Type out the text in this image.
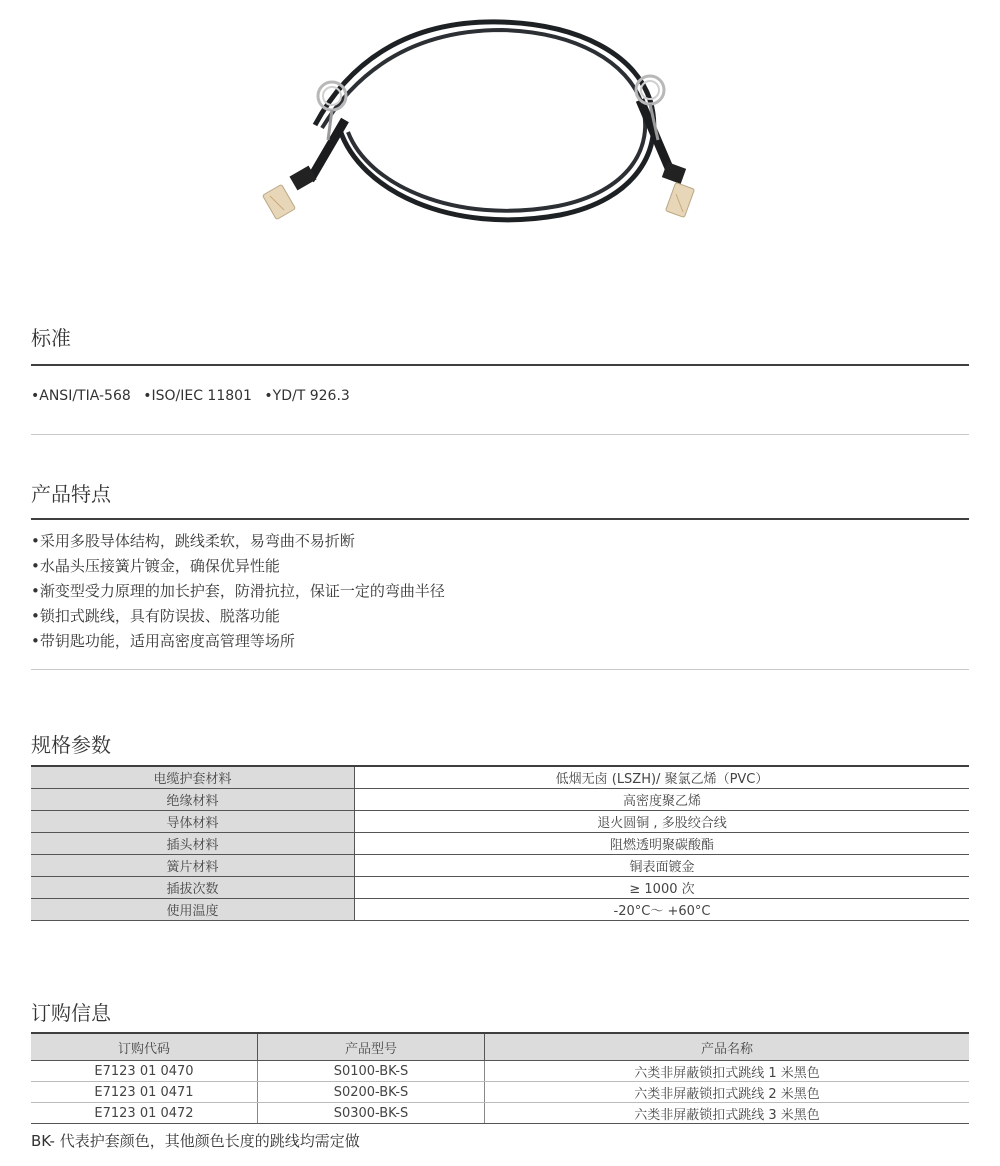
标准
•ANSI/TIA-568 •ISO/IEC 11801 •YD/T 926.3
产品特点
•采用多股导体结构，跳线柔软，易弯曲不易折断
•水晶头压接簧片镀金，确保优异性能
•渐变型受力原理的加长护套，防滑抗拉，保证一定的弯曲半径
•锁扣式跳线，具有防误拔、脱落功能
•带钥匙功能，适用高密度高管理等场所
规格参数
电缆护套材料	低烟无卤 (LSZH)/ 聚氯乙烯（PVC）
绝缘材料	高密度聚乙烯
导体材料	退火圆铜 , 多股绞合线
插头材料	阻燃透明聚碳酸酯
簧片材料	铜表面镀金
插拔次数	≥ 1000 次
使用温度	-20°C～ +60°C
订购信息
订购代码	产品型号	产品名称
E7123 01 0470	S0100-BK-S	六类非屏蔽锁扣式跳线 1 米黑色
E7123 01 0471	S0200-BK-S	六类非屏蔽锁扣式跳线 2 米黑色
E7123 01 0472	S0300-BK-S	六类非屏蔽锁扣式跳线 3 米黑色
BK- 代表护套颜色，其他颜色长度的跳线均需定做
